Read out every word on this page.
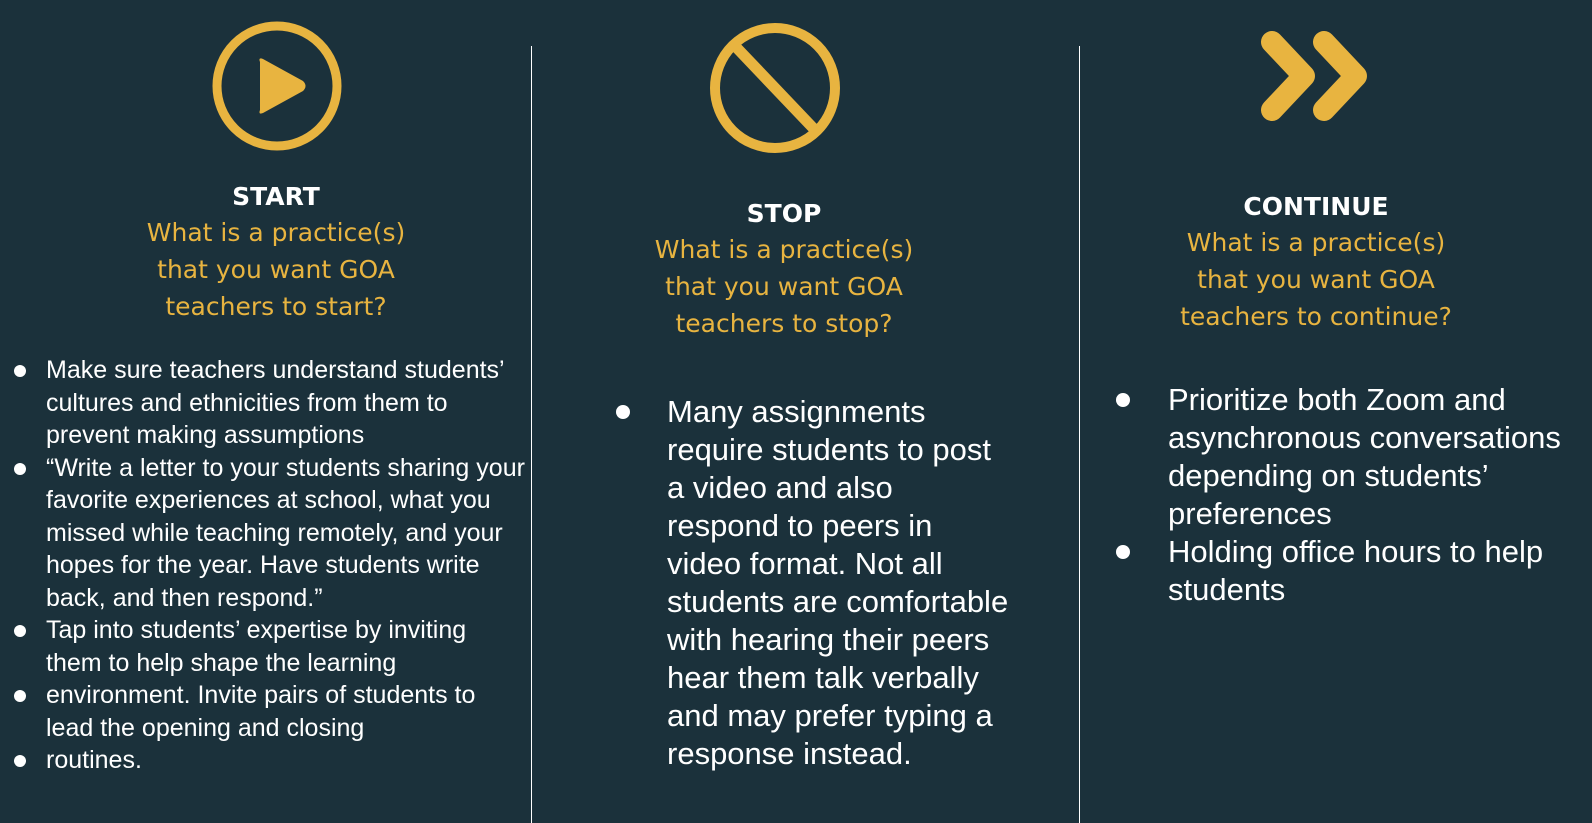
START
What is a practice(s)
that you want GOA
teachers to start?
Make sure teachers understand students’ cultures and ethnicities from them to prevent making assumptions
“Write a letter to your students sharing your favorite experiences at school, what you missed while teaching remotely, and your hopes for the year. Have students write back, and then respond.”
Tap into students’ expertise by inviting them to help shape the learning
environment. Invite pairs of students to lead the opening and closing
routines.
STOP
What is a practice(s)
that you want GOA
teachers to stop?
Many assignments require students to post a video and also respond to peers in video format. Not all students are comfortable with hearing their peers hear them talk verbally and may prefer typing a response instead.
CONTINUE
What is a practice(s)
that you want GOA
teachers to continue?
Prioritize both Zoom and asynchronous conversations depending on students’ preferences
Holding office hours to help students
